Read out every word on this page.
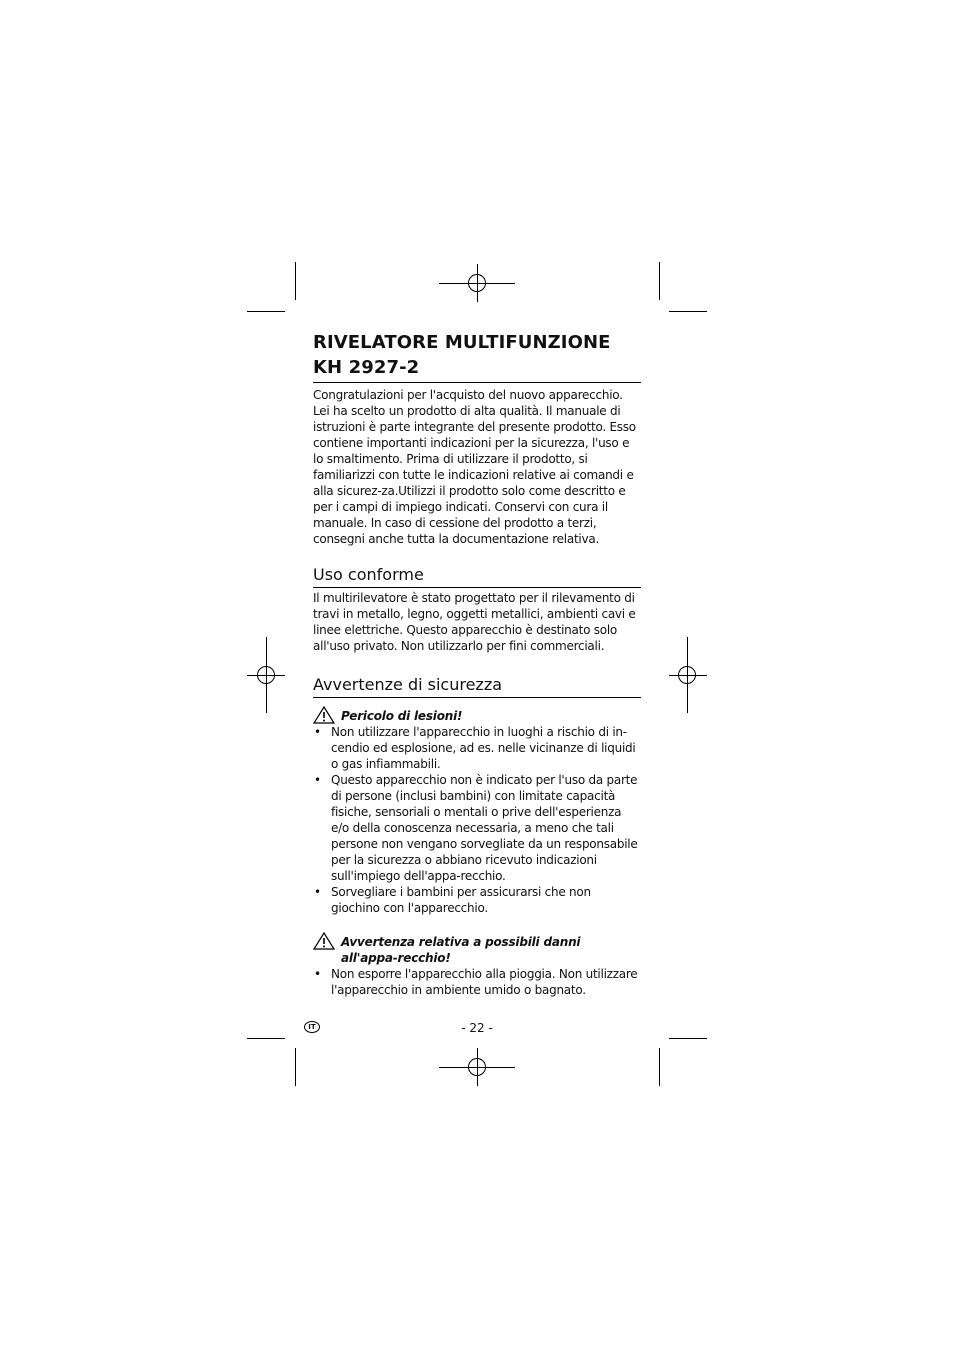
RIVELATORE MULTIFUNZIONE
KH 2927-2

Congratulazioni per l'acquisto del nuovo apparecchio. Lei ha scelto un prodotto di alta qualità. Il manuale di istruzioni è parte integrante del presente prodotto. Esso contiene importanti indicazioni per la sicurezza, l'uso e lo smaltimento. Prima di utilizzare il prodotto, si familiarizzi con tutte le indicazioni relative ai comandi e alla sicurez-za.Utilizzi il prodotto solo come descritto e per i campi di impiego indicati. Conservi con cura il manuale. In caso di cessione del prodotto a terzi, consegni anche tutta la documentazione relativa.

Uso conforme

Il multirilevatore è stato progettato per il rilevamento di travi in metallo, legno, oggetti metallici, ambienti cavi e linee elettriche. Questo apparecchio è destinato solo all'uso privato. Non utilizzarlo per fini commerciali.

Avvertenze di sicurezza
Pericolo di lesioni!
• Non utilizzare l'apparecchio in luoghi a rischio di in-cendio ed esplosione, ad es. nelle vicinanze di liquidi o gas infiammabili.
• Questo apparecchio non è indicato per l'uso da parte di persone (inclusi bambini) con limitate capacità fisiche, sensoriali o mentali o prive dell'esperienza e/o della conoscenza necessaria, a meno che tali persone non vengano sorvegliate da un responsabile per la sicurezza o abbiano ricevuto indicazioni sull'impiego dell'appa-recchio.
• Sorvegliare i bambini per assicurarsi che non giochino con l'apparecchio.
Avvertenza relativa a possibili danni all'appa-recchio!
• Non esporre l'apparecchio alla pioggia. Non utilizzare l'apparecchio in ambiente umido o bagnato.
IT	- 22 -
